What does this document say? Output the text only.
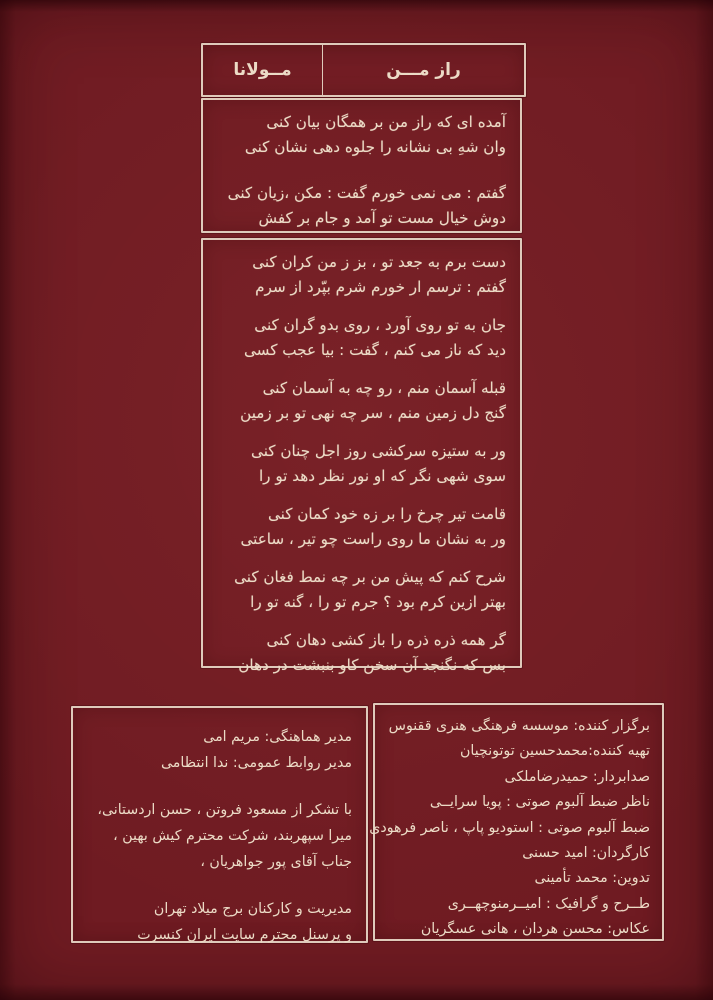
راز مـــن
مــولانا
آمده ای که راز من بر همگان بیان کنی
وان شهِ بی نشانه را جلوه دهی نشان کنی
گفتم : می نمی خورم گفت : مکن ،زیان کنی
دوش خیال مست تو آمد و جام بر کفش
دست برم به جعد تو ، بز ز من کران کنی
گفتم : ترسم ار خورم شرم بپّرد از سرم
جان به تو روی آورد ، روی بدو گران کنی
دید که ناز می کنم ، گفت : بیا عجب کسی
قبله آسمان منم ، رو چه به آسمان کنی
گنج دل زمین منم ، سر چه نهی تو بر زمین
ور به ستیزه سرکشی روز اجل چنان کنی
سوی شهی نگر که او نور نظر دهد تو را
قامت تیر چرخ را بر زه خود کمان کنی
ور به نشان ما روی راست چو تیر ، ساعتی
شرح کنم که پیش من بر چه نمط فغان کنی
بهتر ازین کرم بود ؟ جرم تو را ، گنه تو را
گر همه ذره ذره را باز کشی دهان کنی
بس که نگنجد آن سخن کاو بنبشت در دهان
برگزار کننده: موسسه فرهنگی هنری ققنوس
تهیه کننده:محمدحسین توتونچیان
صدابردار: حمیدرضاملکی
ناظر ضبط آلبوم صوتی : پویا سرایــی
ضبط آلبوم صوتی : استودیو پاپ ، ناصر فرهودی
کارگردان: امید حسنی
تدوین: محمد تأمینی
طــرح و گرافیک : امیــرمنوچهــری
عکاس: محسن هردان ، هانی عسگریان
مدیر هماهنگی: مریم امی
مدیر روابط عمومی: ندا انتظامی
با تشکر از مسعود فروتن ، حسن اردستانی،
میرا سپهربند، شرکت محترم کیش بهین ،
جناب آقای پور جواهریان ،
مدیریت و کارکنان برج میلاد تهران
و پرسنل محترم سایت ایران کنسرت
